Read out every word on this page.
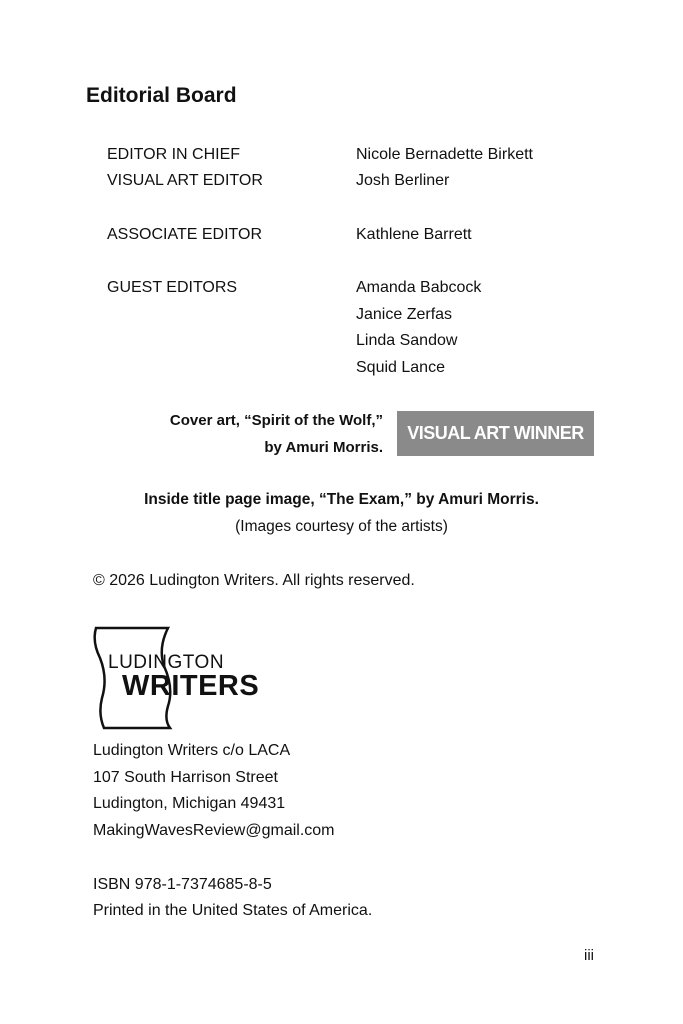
Editorial Board
EDITOR IN CHIEF	Nicole Bernadette Birkett
VISUAL ART EDITOR	Josh Berliner
ASSOCIATE EDITOR	Kathlene Barrett
GUEST EDITORS	Amanda Babcock
Janice Zerfas
Linda Sandow
Squid Lance
Cover art, “Spirit of the Wolf,”
by Amuri Morris.
VISUAL ART WINNER
Inside title page image, “The Exam,” by Amuri Morris.
(Images courtesy of the artists)
© 2026 Ludington Writers. All rights reserved.
LUDINGTON
WRITERS
Ludington Writers c/o LACA
107 South Harrison Street
Ludington, Michigan 49431
MakingWavesReview@gmail.com
ISBN 978-1-7374685-8-5
Printed in the United States of America.
iii
